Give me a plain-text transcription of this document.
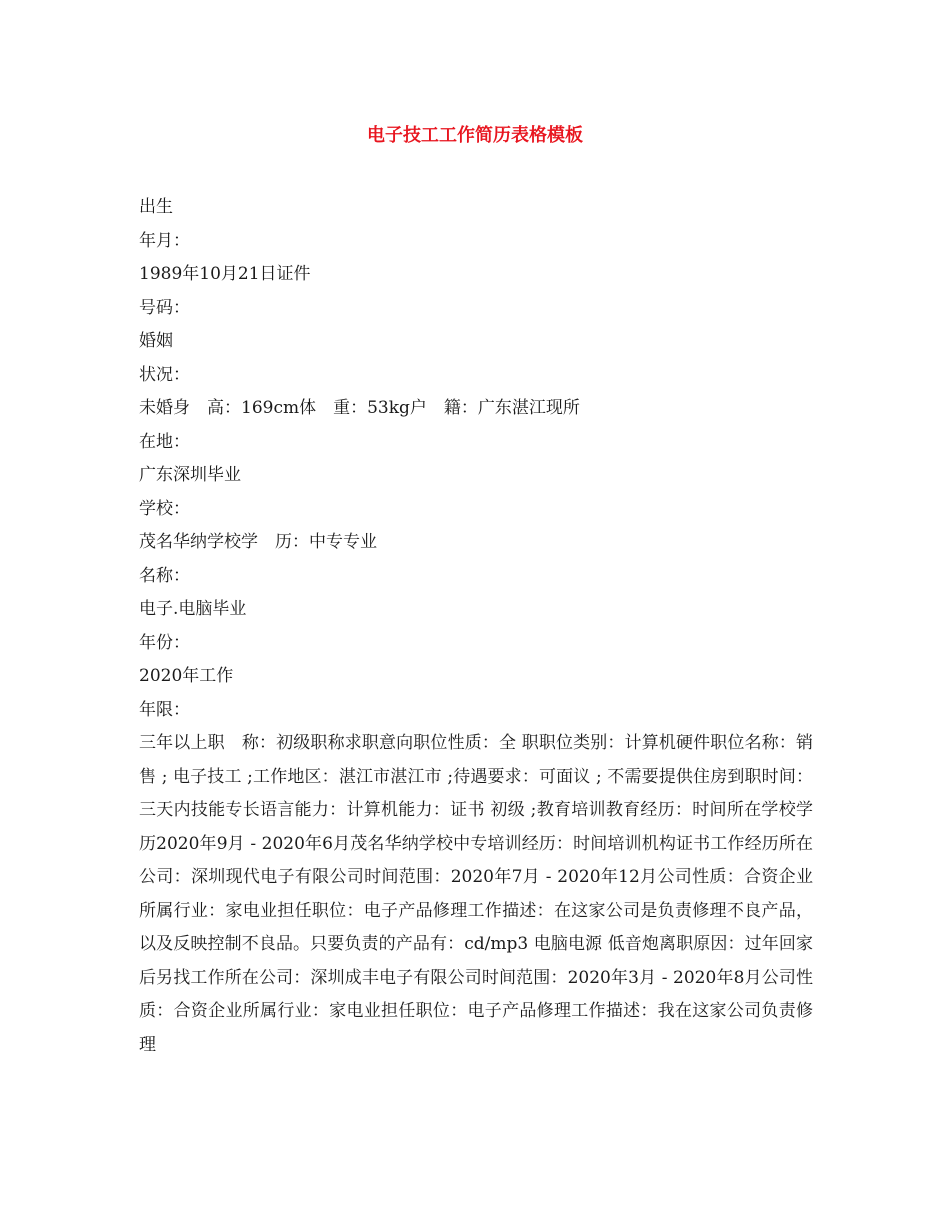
电子技工工作简历表格模板
出生
年月：
1989年10月21日证件
号码：
婚姻
状况：
未婚身　高：169cm体　重：53kg户　籍：广东湛江现所
在地：
广东深圳毕业
学校：
茂名华纳学校学　历：中专专业
名称：
电子.电脑毕业
年份：
2020年工作
年限：

三年以上职　称：初级职称求职意向职位性质：全 职职位类别：计算机硬件职位名称：销售 ; 电子技工 ;工作地区：湛江市湛江市 ;待遇要求：可面议 ; 不需要提供住房到职时间：三天内技能专长语言能力：计算机能力：证书 初级 ;教育培训教育经历：时间所在学校学历2020年9月 - 2020年6月茂名华纳学校中专培训经历：时间培训机构证书工作经历所在公司：深圳现代电子有限公司时间范围：2020年7月 - 2020年12月公司性质：合资企业所属行业：家电业担任职位：电子产品修理工作描述：在这家公司是负责修理不良产品，以及反映控制不良品。只要负责的产品有：cd/mp3 电脑电源 低音炮离职原因：过年回家后另找工作所在公司：深圳成丰电子有限公司时间范围：2020年3月 - 2020年8月公司性质：合资企业所属行业：家电业担任职位：电子产品修理工作描述：我在这家公司负责修理
